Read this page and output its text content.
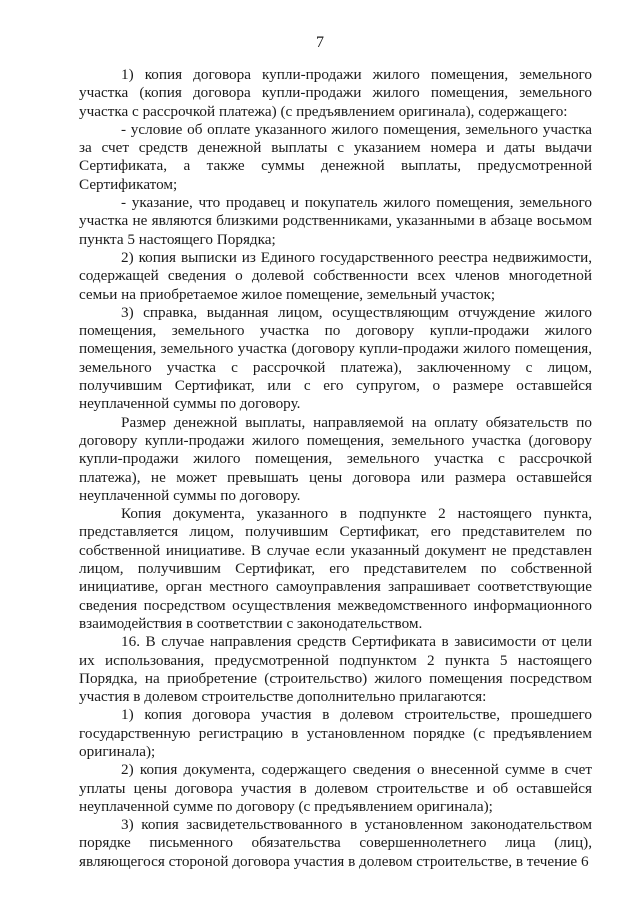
7

1) копия договора купли-продажи жилого помещения, земельного участка (копия договора купли-продажи жилого помещения, земельного участка с рассрочкой платежа) (с предъявлением оригинала), содержащего:

- условие об оплате указанного жилого помещения, земельного участка за счет средств денежной выплаты с указанием номера и даты выдачи Сертификата, а также суммы денежной выплаты, предусмотренной Сертификатом;

- указание, что продавец и покупатель жилого помещения, земельного участка не являются близкими родственниками, указанными в абзаце восьмом пункта 5 настоящего Порядка;

2) копия выписки из Единого государственного реестра недвижимости, содержащей сведения о долевой собственности всех членов многодетной семьи на приобретаемое жилое помещение, земельный участок;

3) справка, выданная лицом, осуществляющим отчуждение жилого помещения, земельного участка по договору купли-продажи жилого помещения, земельного участка (договору купли-продажи жилого помещения, земельного участка с рассрочкой платежа), заключенному с лицом, получившим Сертификат, или с его супругом, о размере оставшейся неуплаченной суммы по договору.

Размер денежной выплаты, направляемой на оплату обязательств по договору купли-продажи жилого помещения, земельного участка (договору купли-продажи жилого помещения, земельного участка с рассрочкой платежа), не может превышать цены договора или размера оставшейся неуплаченной суммы по договору.

Копия документа, указанного в подпункте 2 настоящего пункта, представляется лицом, получившим Сертификат, его представителем по собственной инициативе. В случае если указанный документ не представлен лицом, получившим Сертификат, его представителем по собственной инициативе, орган местного самоуправления запрашивает соответствующие сведения посредством осуществления межведомственного информационного взаимодействия в соответствии с законодательством.

16. В случае направления средств Сертификата в зависимости от цели их использования, предусмотренной подпунктом 2 пункта 5 настоящего Порядка, на приобретение (строительство) жилого помещения посредством участия в долевом строительстве дополнительно прилагаются:

1) копия договора участия в долевом строительстве, прошедшего государственную регистрацию в установленном порядке (с предъявлением оригинала);

2) копия документа, содержащего сведения о внесенной сумме в счет уплаты цены договора участия в долевом строительстве и об оставшейся неуплаченной сумме по договору (с предъявлением оригинала);

3) копия засвидетельствованного в установленном законодательством порядке письменного обязательства совершеннолетнего лица (лиц), являющегося стороной договора участия в долевом строительстве, в течение 6
